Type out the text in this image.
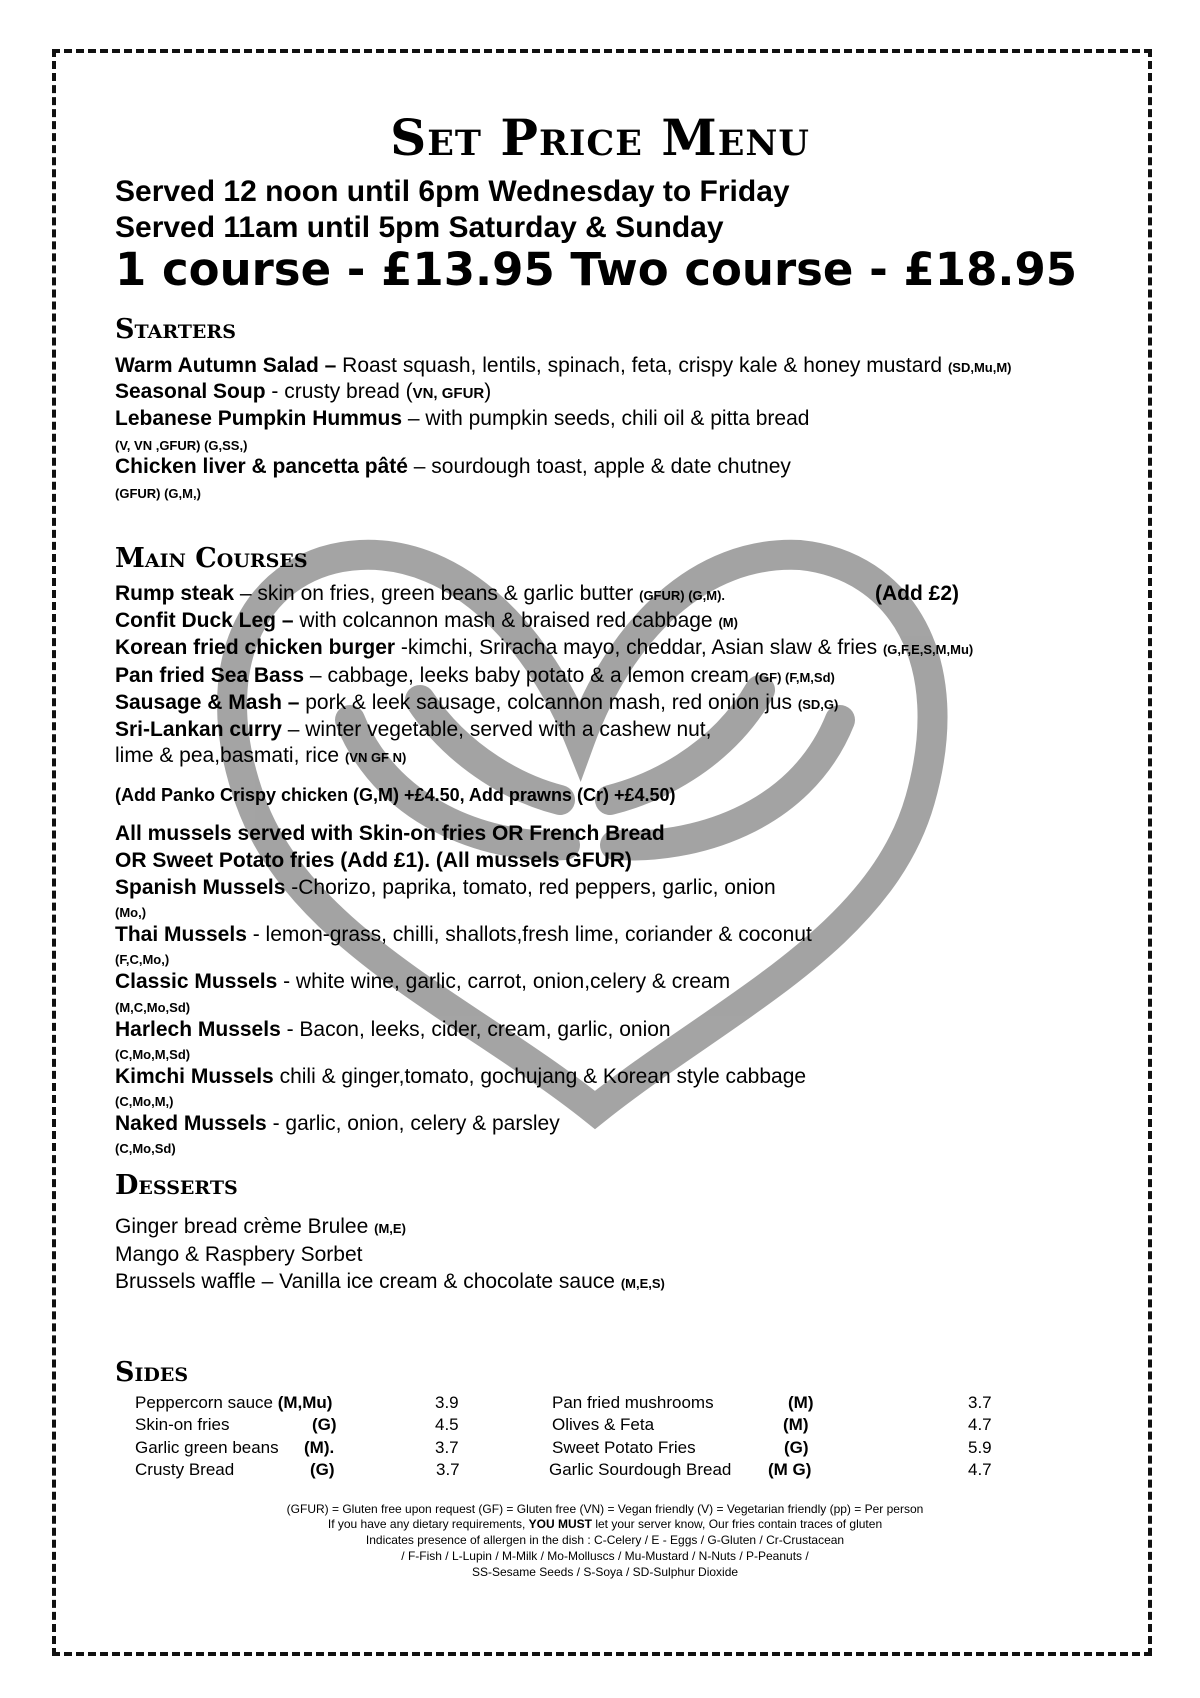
Set Price Menu
Served 12 noon until 6pm Wednesday to Friday
Served 11am until 5pm Saturday & Sunday
1 course - £13.95 Two course - £18.95
Starters
Warm Autumn Salad – Roast squash, lentils, spinach, feta, crispy kale & honey mustard (SD,Mu,M)
Seasonal Soup - crusty bread (VN, GFUR)
Lebanese Pumpkin Hummus – with pumpkin seeds, chili oil & pitta bread
(V, VN ,GFUR) (G,SS,)
Chicken liver & pancetta pâté – sourdough toast, apple & date chutney
(GFUR) (G,M,)
Main Courses
Rump steak – skin on fries, green beans & garlic butter (GFUR) (G,M).	(Add £2)
Confit Duck Leg – with colcannon mash & braised red cabbage (M)
Korean fried chicken burger -kimchi, Sriracha mayo, cheddar, Asian slaw & fries (G,F,E,S,M,Mu)
Pan fried Sea Bass – cabbage, leeks baby potato & a lemon cream (GF) (F,M,Sd)
Sausage & Mash – pork & leek sausage, colcannon mash, red onion jus (SD,G)
Sri-Lankan curry – winter vegetable, served with a cashew nut,
lime & pea,basmati, rice (VN GF N)
(Add Panko Crispy chicken (G,M) +£4.50, Add prawns (Cr) +£4.50)
All mussels served with Skin-on fries OR French Bread
OR Sweet Potato fries (Add £1). (All mussels GFUR)
Spanish Mussels -Chorizo, paprika, tomato, red peppers, garlic, onion
(Mo,)
Thai Mussels - lemon-grass, chilli, shallots,fresh lime, coriander & coconut
(F,C,Mo,)
Classic Mussels - white wine, garlic, carrot, onion,celery & cream
(M,C,Mo,Sd)
Harlech Mussels - Bacon, leeks, cider, cream, garlic, onion
(C,Mo,M,Sd)
Kimchi Mussels chili & ginger,tomato, gochujang & Korean style cabbage
(C,Mo,M,)
Naked Mussels - garlic, onion, celery & parsley
(C,Mo,Sd)
Desserts
Ginger bread crème Brulee (M,E)
Mango & Raspbery Sorbet
Brussels waffle – Vanilla ice cream & chocolate sauce (M,E,S)
Sides
Peppercorn sauce (M,Mu)	3.9
Skin-on fries	(G)	4.5
Garlic green beans (M).	3.7
Crusty Bread	(G)	3.7
Pan fried mushrooms	(M)	3.7
Olives & Feta	(M)	4.7
Sweet Potato Fries	(G)	5.9
Garlic Sourdough Bread (M G)	4.7
(GFUR) = Gluten free upon request (GF) = Gluten free (VN) = Vegan friendly (V) = Vegetarian friendly (pp) = Per person
If you have any dietary requirements, YOU MUST let your server know, Our fries contain traces of gluten
Indicates presence of allergen in the dish : C-Celery / E - Eggs / G-Gluten / Cr-Crustacean
/ F-Fish / L-Lupin / M-Milk / Mo-Molluscs / Mu-Mustard / N-Nuts / P-Peanuts /
SS-Sesame Seeds / S-Soya / SD-Sulphur Dioxide
